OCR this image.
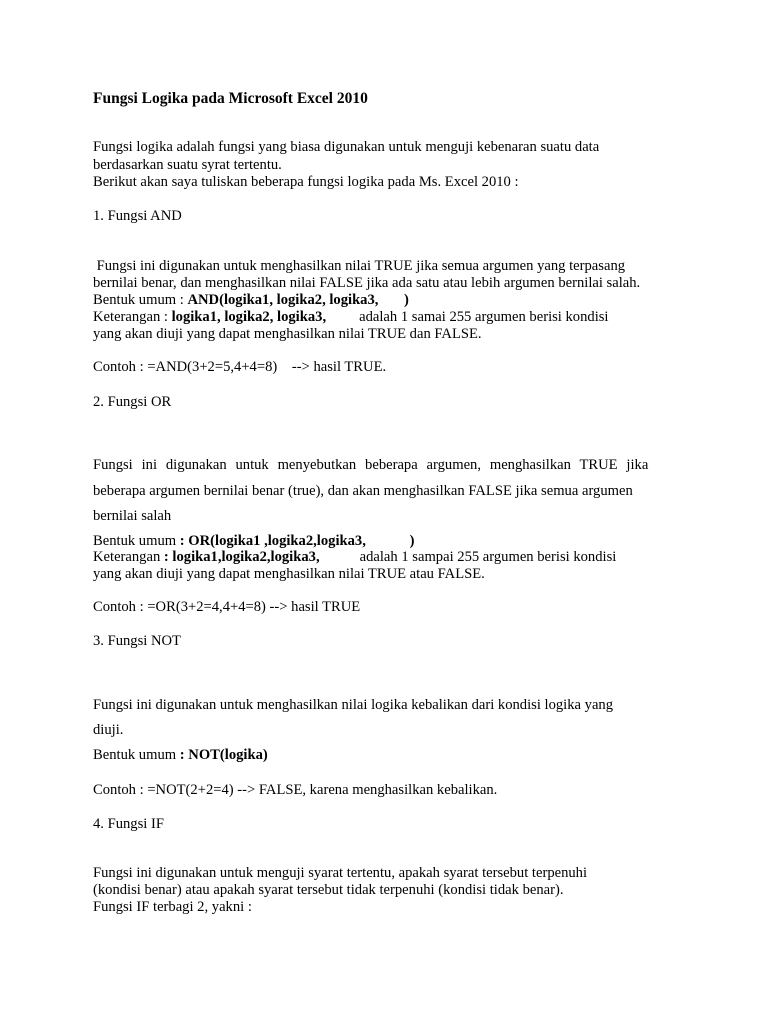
Fungsi Logika pada Microsoft Excel 2010
Fungsi logika adalah fungsi yang biasa digunakan untuk menguji kebenaran suatu data
berdasarkan suatu syrat tertentu.
Berikut akan saya tuliskan beberapa fungsi logika pada Ms. Excel 2010 :
1. Fungsi AND
Fungsi ini digunakan untuk menghasilkan nilai TRUE jika semua argumen yang terpasang
bernilai benar, dan menghasilkan nilai FALSE jika ada satu atau lebih argumen bernilai salah.
Bentuk umum : AND(logika1, logika2, logika3,       )
Keterangan : logika1, logika2, logika3, adalah 1 samai 255 argumen berisi kondisi
yang akan diuji yang dapat menghasilkan nilai TRUE dan FALSE.
Contoh : =AND(3+2=5,4+4=8)    --> hasil TRUE.
2. Fungsi OR
Fungsi ini digunakan untuk menyebutkan beberapa argumen, menghasilkan TRUE jika
beberapa argumen bernilai benar (true), dan akan menghasilkan FALSE jika semua argumen
bernilai salah
Bentuk umum : OR(logika1 ,logika2,logika3,            )
Keterangan : logika1,logika2,logika3,	adalah 1 sampai 255 argumen berisi kondisi
yang akan diuji yang dapat menghasilkan nilai TRUE atau FALSE.
Contoh : =OR(3+2=4,4+4=8) --> hasil TRUE
3. Fungsi NOT
Fungsi ini digunakan untuk menghasilkan nilai logika kebalikan dari kondisi logika yang
diuji.
Bentuk umum : NOT(logika)
Contoh : =NOT(2+2=4) --> FALSE, karena menghasilkan kebalikan.
4. Fungsi IF
Fungsi ini digunakan untuk menguji syarat tertentu, apakah syarat tersebut terpenuhi
(kondisi benar) atau apakah syarat tersebut tidak terpenuhi (kondisi tidak benar).
Fungsi IF terbagi 2, yakni :
